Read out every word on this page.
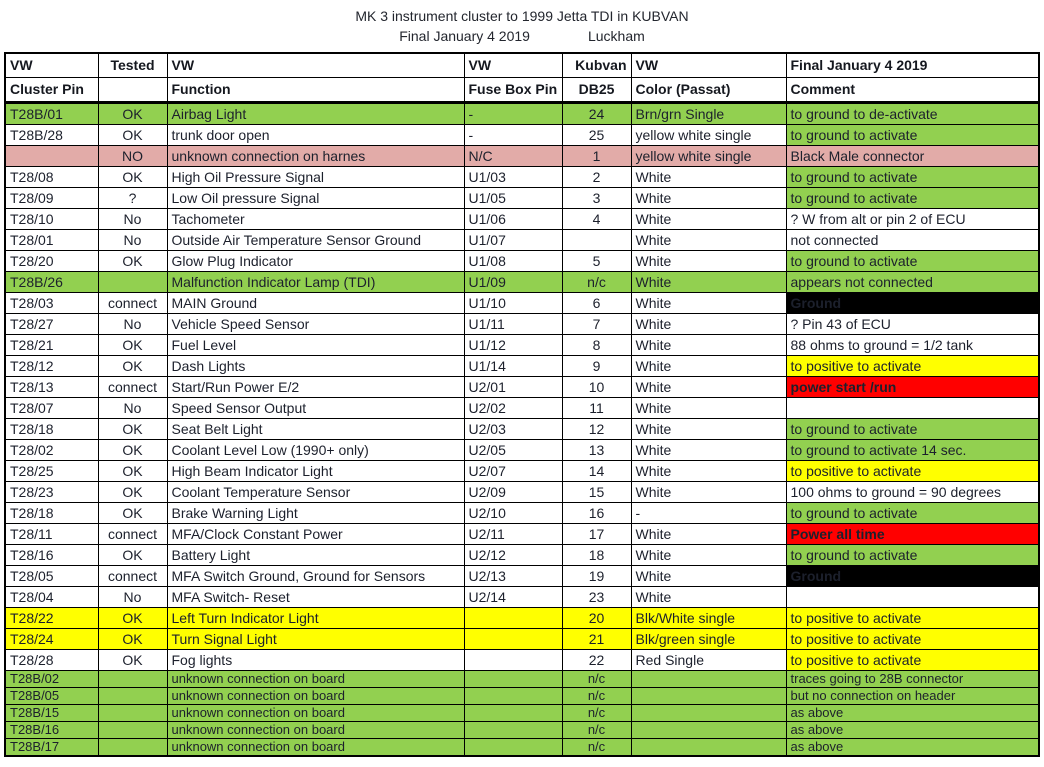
MK 3 instrument cluster to 1999 Jetta TDI in KUBVAN
Final January 4 2019	Luckham
VW	Tested	VW	VW	Kubvan	VW	Final January 4 2019
Cluster Pin		Function	Fuse Box Pin	DB25	Color (Passat)	Comment
T28B/01	OK	Airbag Light	-	24	Brn/grn Single	to ground to de-activate
T28B/28	OK	trunk door open	-	25	yellow white single	to ground to activate
	NO	unknown connection on harnes	N/C	1	yellow white single	Black Male connector
T28/08	OK	High Oil Pressure Signal	U1/03	2	White	to ground to activate
T28/09	?	Low Oil pressure Signal	U1/05	3	White	to ground to activate
T28/10	No	Tachometer	U1/06	4	White	? W from alt or pin 2 of ECU
T28/01	No	Outside Air Temperature Sensor Ground	U1/07		White	not connected
T28/20	OK	Glow Plug Indicator	U1/08	5	White	to ground to activate
T28B/26		Malfunction Indicator Lamp (TDI)	U1/09	n/c	White	appears not connected
T28/03	connect	MAIN Ground	U1/10	6	White	Ground
T28/27	No	Vehicle Speed Sensor	U1/11	7	White	? Pin 43 of ECU
T28/21	OK	Fuel Level	U1/12	8	White	88 ohms to ground = 1/2 tank
T28/12	OK	Dash Lights	U1/14	9	White	to positive to activate
T28/13	connect	Start/Run Power E/2	U2/01	10	White	power start /run
T28/07	No	Speed Sensor Output	U2/02	11	White	
T28/18	OK	Seat Belt Light	U2/03	12	White	to ground to activate
T28/02	OK	Coolant Level Low (1990+ only)	U2/05	13	White	to ground to activate 14 sec.
T28/25	OK	High Beam Indicator Light	U2/07	14	White	to positive to activate
T28/23	OK	Coolant Temperature Sensor	U2/09	15	White	100 ohms to ground = 90 degrees
T28/18	OK	Brake Warning Light	U2/10	16	-	to ground to activate
T28/11	connect	MFA/Clock Constant Power	U2/11	17	White	Power all time
T28/16	OK	Battery Light	U2/12	18	White	to ground to activate
T28/05	connect	MFA Switch Ground, Ground for Sensors	U2/13	19	White	Ground
T28/04	No	MFA Switch- Reset	U2/14	23	White	
T28/22	OK	Left Turn Indicator Light		20	Blk/White single	to positive to activate
T28/24	OK	Turn Signal Light		21	Blk/green single	to positive to activate
T28/28	OK	Fog lights		22	Red Single	to positive to activate
T28B/02		unknown connection on board		n/c		traces going to 28B connector
T28B/05		unknown connection on board		n/c		but no connection on header
T28B/15		unknown connection on board		n/c		as above
T28B/16		unknown connection on board		n/c		as above
T28B/17		unknown connection on board		n/c		as above
